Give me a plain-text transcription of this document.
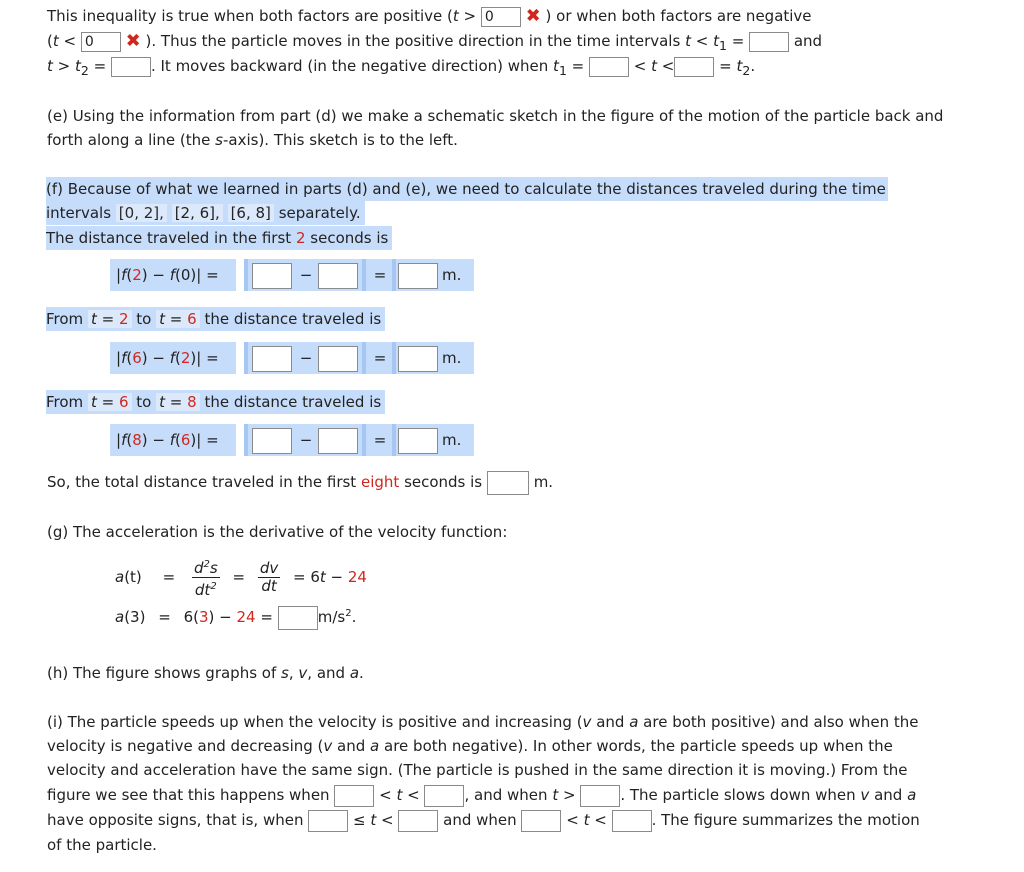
This inequality is true when both factors are positive (t > 0 ✖ ) or when both factors are negative
(t < 0 ✖ ). Thus the particle moves in the positive direction in the time intervals $t < t_1$ =	and
$t > t_2$ =	. It moves backward (in the negative direction) when $t_1$ =	< t <	= $t_2$.
(e) Using the information from part (d) we make a schematic sketch in the figure of the motion of the particle back and
forth along a line (the s-axis). This sketch is to the left.
(f) Because of what we learned in parts (d) and (e), we need to calculate the distances traveled during the time
intervals [0, 2], [2, 6], [6, 8] separately.
The distance traveled in the first 2 seconds is
|f(2) − f(0)| =	−	=	m.
From t = 2 to t = 6 the distance traveled is
|f(6) − f(2)| =	−	=	m.
From t = 6 to t = 8 the distance traveled is
|f(8) − f(6)| =	−	=	m.
So, the total distance traveled in the first eight seconds is	m.
(g) The acceleration is the derivative of the velocity function:
$a(t) = \frac{d^2s}{dt^2} = \frac{dv}{dt} = 6t - 24$
a(3) = 6(3) − 24 =	$m/s^2$.
(h) The figure shows graphs of s, v, and a.
(i) The particle speeds up when the velocity is positive and increasing (v and a are both positive) and also when the
velocity is negative and decreasing (v and a are both negative). In other words, the particle speeds up when the
velocity and acceleration have the same sign. (The particle is pushed in the same direction it is moving.) From the
figure we see that this happens when	< t <	, and when t >	. The particle slows down when v and a
have opposite signs, that is, when	≤ t <	and when	< t <	. The figure summarizes the motion
of the particle.
